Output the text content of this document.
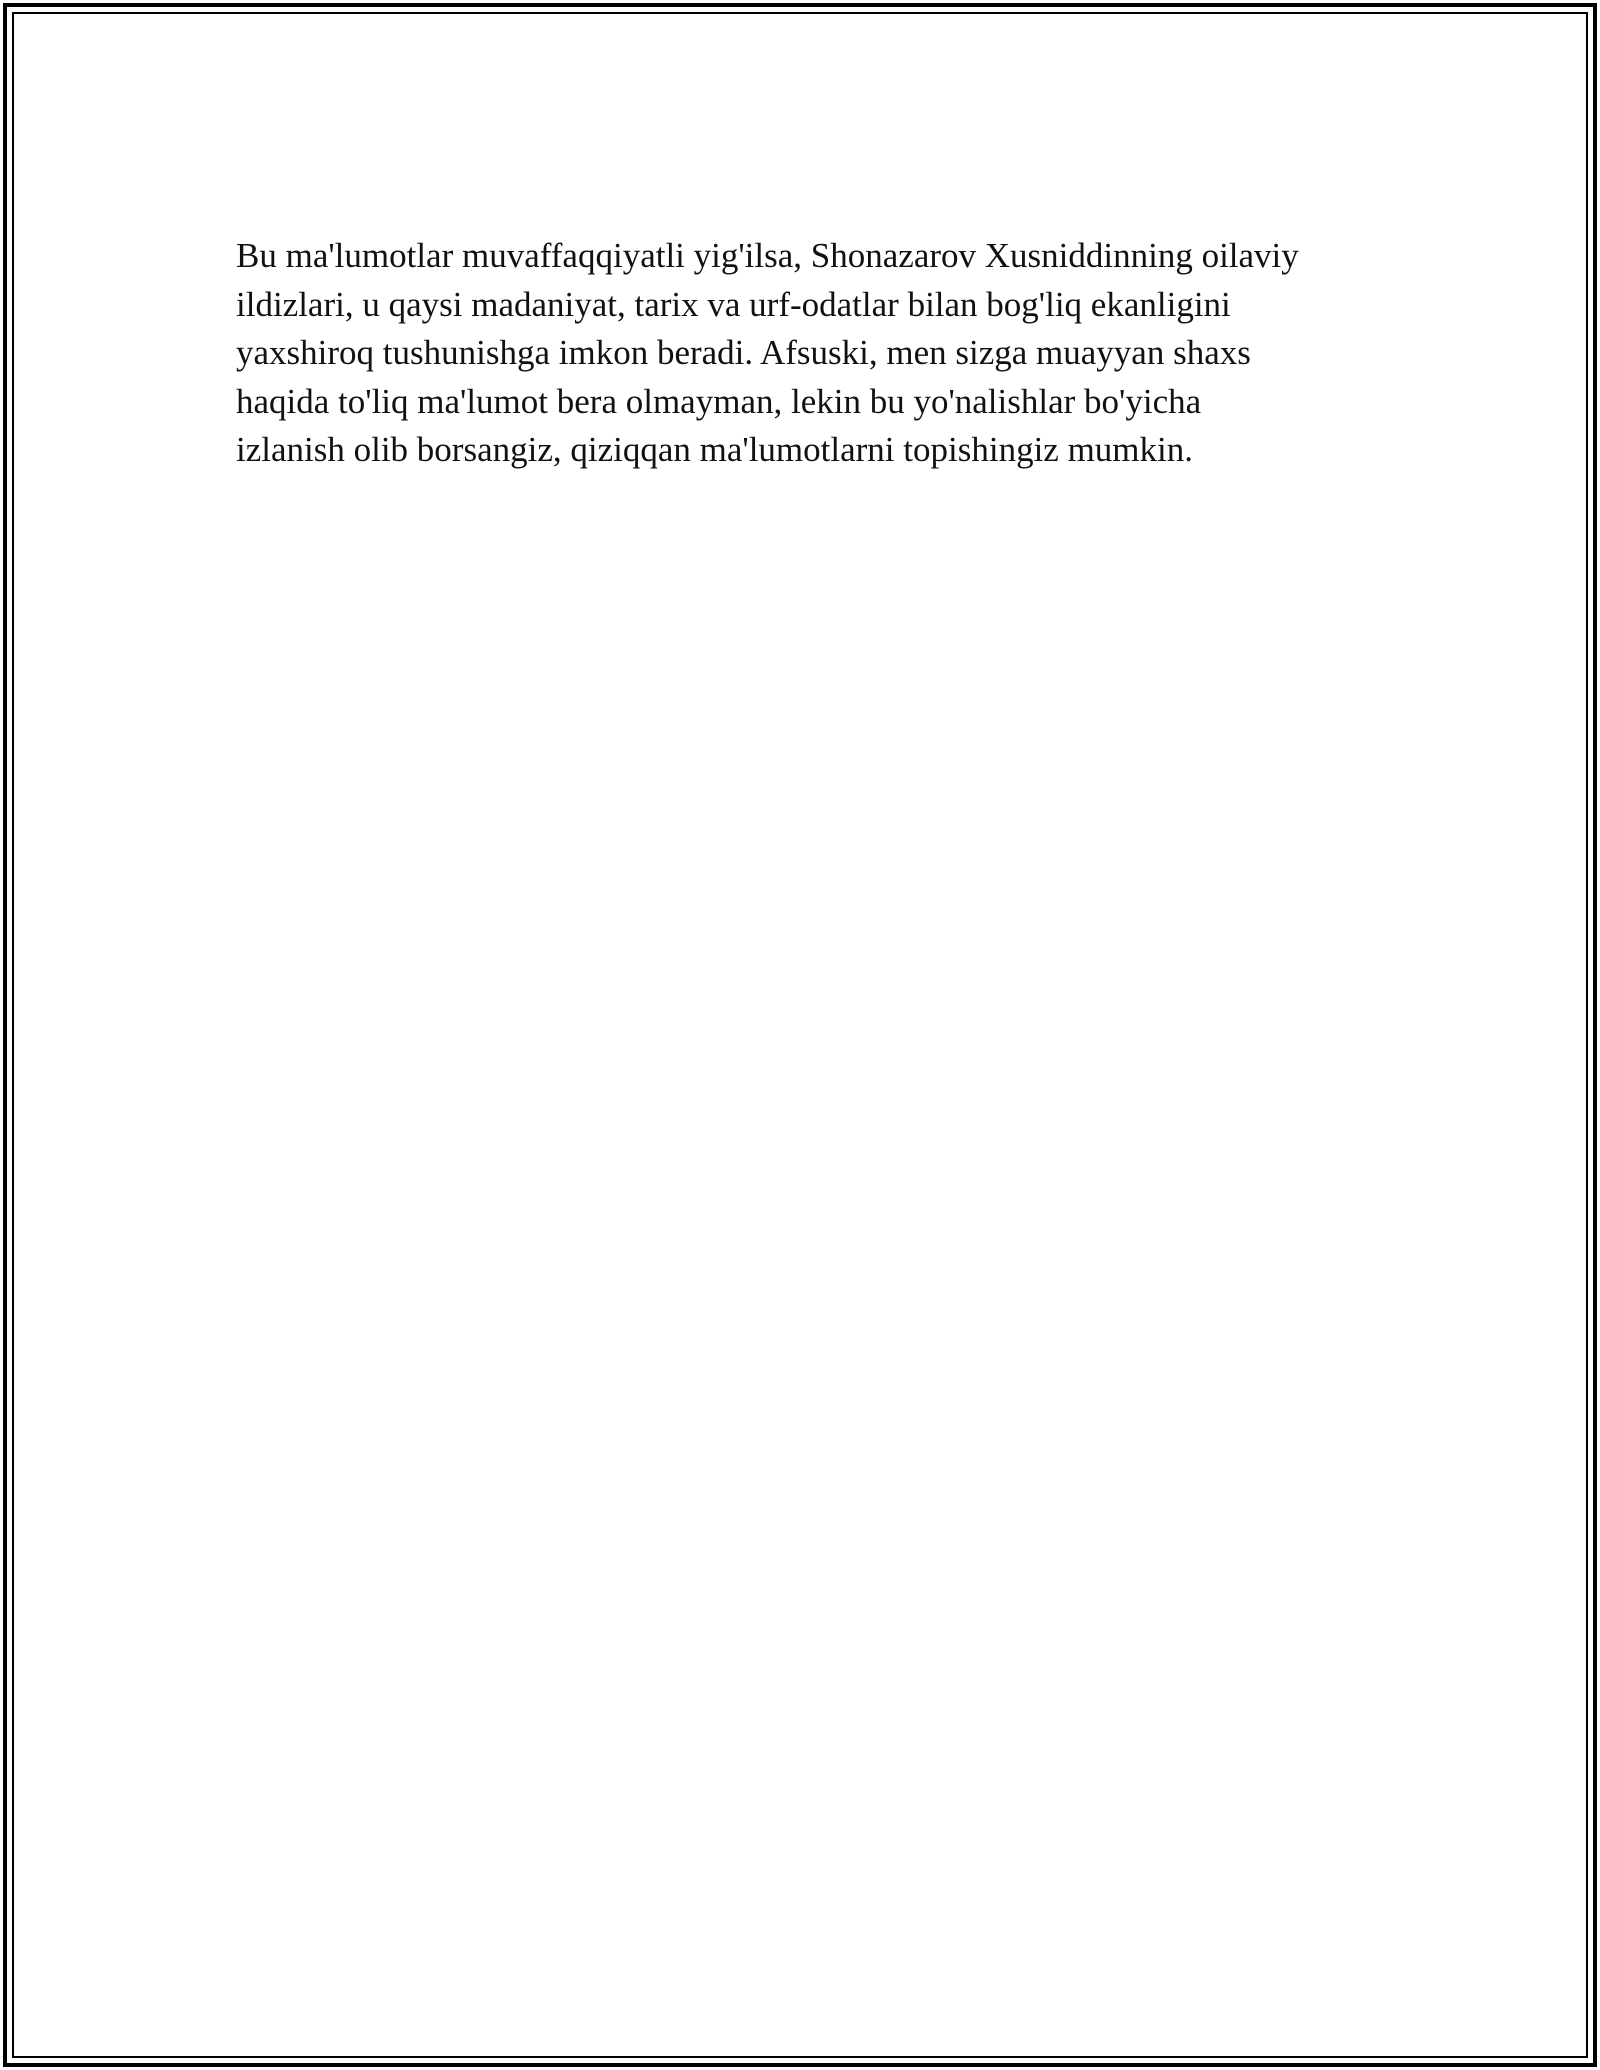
Bu ma'lumotlar muvaffaqqiyatli yig'ilsa, Shonazarov Xusniddinning oilaviy
ildizlari, u qaysi madaniyat, tarix va urf-odatlar bilan bog'liq ekanligini
yaxshiroq tushunishga imkon beradi. Afsuski, men sizga muayyan shaxs
haqida to'liq ma'lumot bera olmayman, lekin bu yo'nalishlar bo'yicha
izlanish olib borsangiz, qiziqqan ma'lumotlarni topishingiz mumkin.
